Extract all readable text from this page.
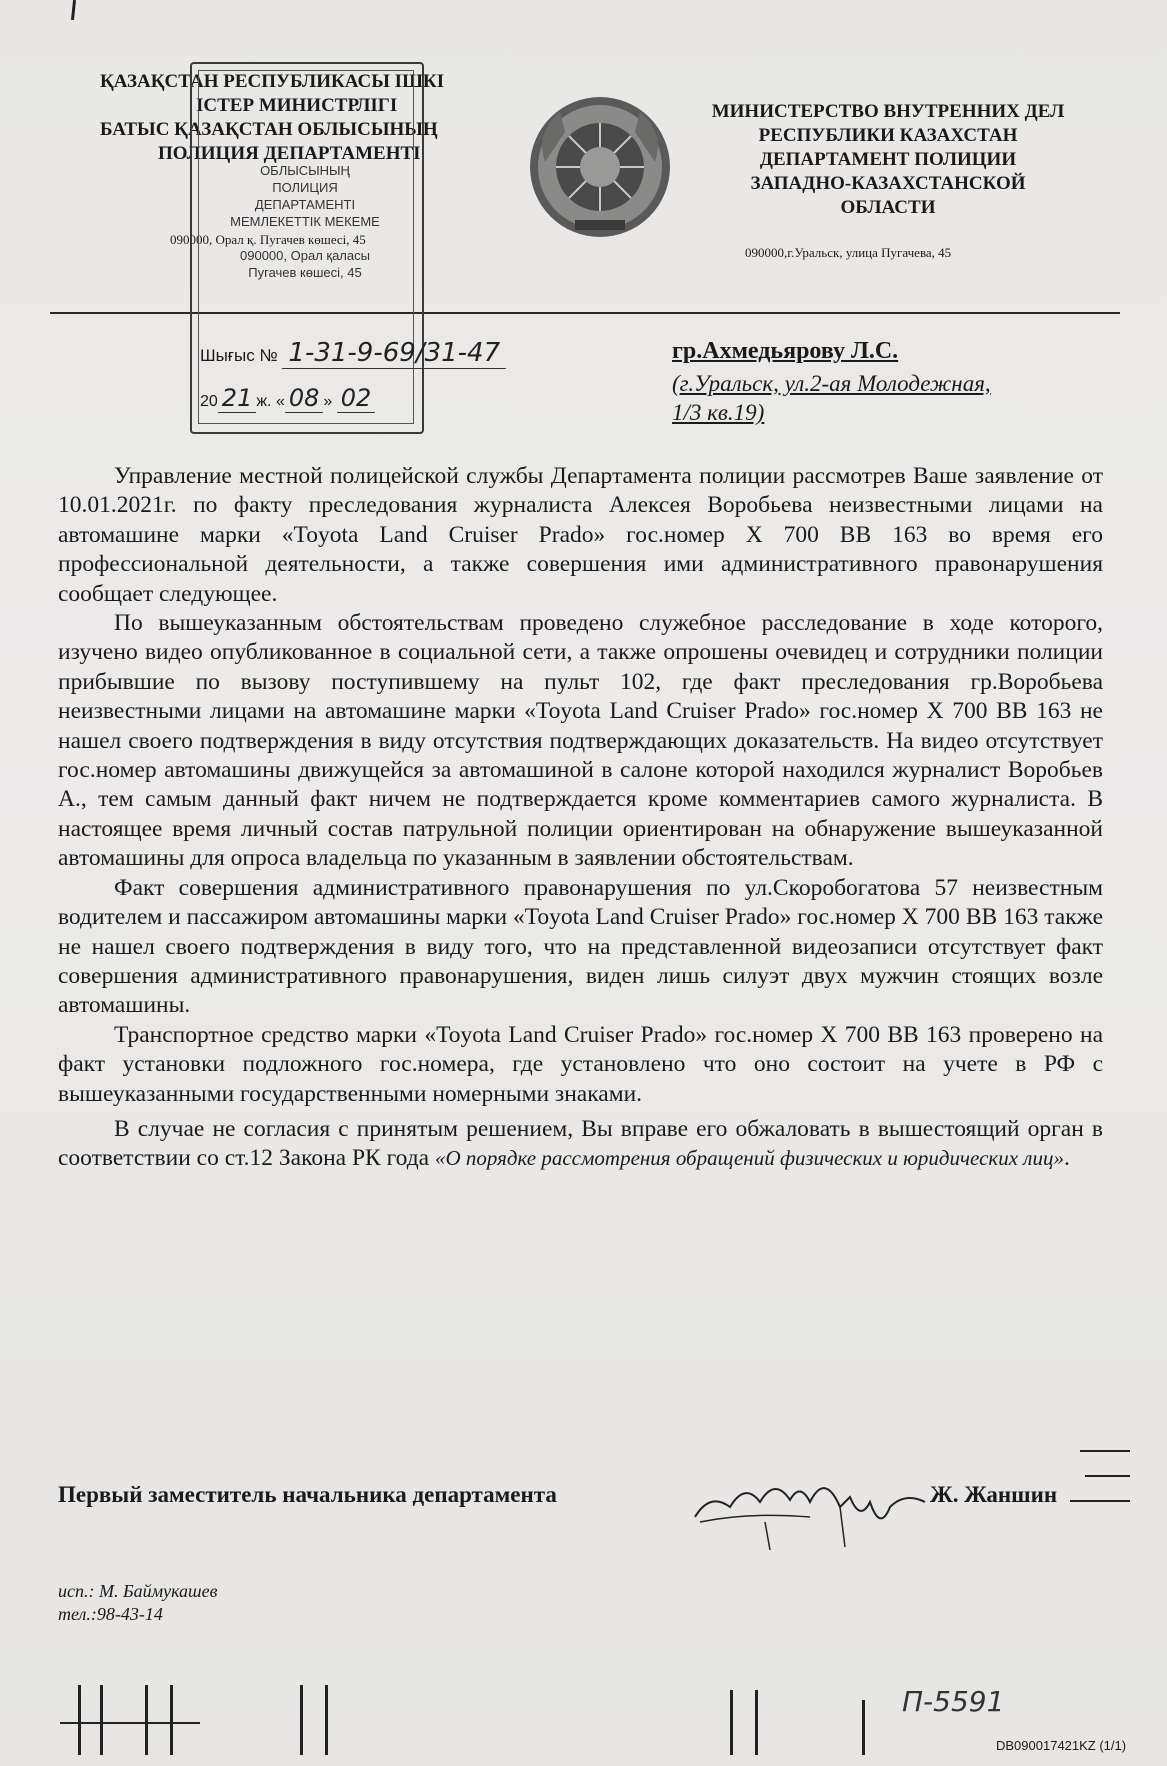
ҚАЗАҚСТАН РЕСПУБЛИКАСЫ ІШКІ
ІСТЕР МИНИСТРЛІГІ
БАТЫС ҚАЗАҚСТАН ОБЛЫСЫНЫҢ
ПОЛИЦИЯ ДЕПАРТАМЕНТІ
090000, Орал қ. Пугачев көшесі, 45
МИНИСТЕРСТВО ВНУТРЕННИХ ДЕЛ
РЕСПУБЛИКИ КАЗАХСТАН
ДЕПАРТАМЕНТ ПОЛИЦИИ
ЗАПАДНО-КАЗАХСТАНСКОЙ
ОБЛАСТИ
090000,г.Уральск, улица Пугачева, 45
ОБЛЫСЫНЫҢ
ПОЛИЦИЯ
ДЕПАРТАМЕНТІ
МЕМЛЕКЕТТІК МЕКЕМЕ

090000, Орал қаласы
Пугачев көшесі, 45
Шығыс № 1-31-9-69/31-47
20 21 ж. « 08 » 02
гр.Ахмедьярову Л.С.
(г.Уральск, ул.2-ая Молодежная,
1/3 кв.19)

Управление местной полицейской службы Департамента полиции рассмотрев Ваше заявление от 10.01.2021г. по факту преследования журналиста Алексея Воробьева неизвестными лицами на автомашине марки «Toyota Land Cruiser Prado» гос.номер Х 700 ВВ 163 во время его профессиональной деятельности, а также совершения ими административного правонарушения сообщает следующее.

По вышеуказанным обстоятельствам проведено служебное расследование в ходе которого, изучено видео опубликованное в социальной сети, а также опрошены очевидец и сотрудники полиции прибывшие по вызову поступившему на пульт 102, где факт преследования гр.Воробьева неизвестными лицами на автомашине марки «Toyota Land Cruiser Prado» гос.номер Х 700 ВВ 163 не нашел своего подтверждения в виду отсутствия подтверждающих доказательств. На видео отсутствует гос.номер автомашины движущейся за автомашиной в салоне которой находился журналист Воробьев А., тем самым данный факт ничем не подтверждается кроме комментариев самого журналиста. В настоящее время личный состав патрульной полиции ориентирован на обнаружение вышеуказанной автомашины для опроса владельца по указанным в заявлении обстоятельствам.

Факт совершения административного правонарушения по ул.Скоробогатова 57 неизвестным водителем и пассажиром автомашины марки «Toyota Land Cruiser Prado» гос.номер Х 700 ВВ 163 также не нашел своего подтверждения в виду того, что на представленной видеозаписи отсутствует факт совершения административного правонарушения, виден лишь силуэт двух мужчин стоящих возле автомашины.

Транспортное средство марки «Toyota Land Cruiser Prado» гос.номер Х 700 ВВ 163 проверено на факт установки подложного гос.номера, где установлено что оно состоит на учете в РФ с вышеуказанными государственными номерными знаками.

В случае не согласия с принятым решением, Вы вправе его обжаловать в вышестоящий орган в соответствии со ст.12 Закона РК года «О порядке рассмотрения обращений физических и юридических лиц».

Первый заместитель начальника департамента	Ж. Жаншин
исп.: М. Баймукашев
тел.:98-43-14
П-5591
DB090017421KZ (1/1)
